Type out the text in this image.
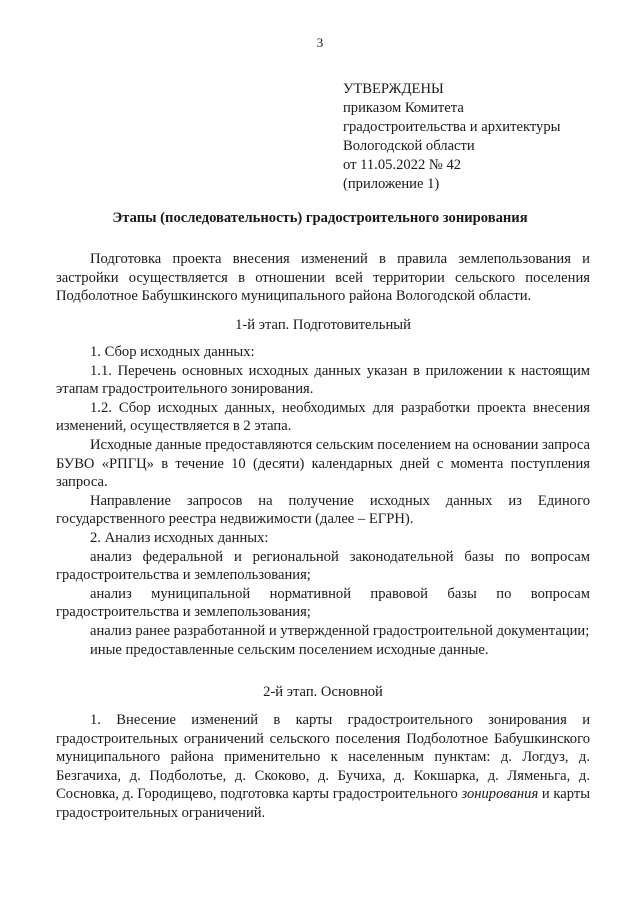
3
УТВЕРЖДЕНЫ
приказом Комитета
градостроительства и архитектуры
Вологодской области
от 11.05.2022 № 42
(приложение 1)
Этапы (последовательность) градостроительного зонирования

Подготовка проекта внесения изменений в правила землепользования и застройки осуществляется в отношении всей территории сельского поселения Подболотное Бабушкинского муниципального района Вологодской области.

1-й этап. Подготовительный

1. Сбор исходных данных:

1.1. Перечень основных исходных данных указан в приложении к настоящим этапам градостроительного зонирования.

1.2. Сбор исходных данных, необходимых для разработки проекта внесения изменений, осуществляется в 2 этапа.

Исходные данные предоставляются сельским поселением на основании запроса БУВО «РПГЦ» в течение 10 (десяти) календарных дней с момента поступления запроса.

Направление запросов на получение исходных данных из Единого государственного реестра недвижимости (далее – ЕГРН).

2. Анализ исходных данных:

анализ федеральной и региональной законодательной базы по вопросам градостроительства и землепользования;

анализ муниципальной нормативной правовой базы по вопросам градостроительства и землепользования;

анализ ранее разработанной и утвержденной градостроительной документации;

иные предоставленные сельским поселением исходные данные.

2-й этап. Основной

1. Внесение изменений в карты градостроительного зонирования и градостроительных ограничений сельского поселения Подболотное Бабушкинского муниципального района применительно к населенным пунктам: д. Логдуз, д. Безгачиха, д. Подболотье, д. Скоково, д. Бучиха, д. Кокшарка, д. Ляменьга, д. Сосновка, д. Городищево, подготовка карты градостроительного зонирования и карты градостроительных ограничений.
